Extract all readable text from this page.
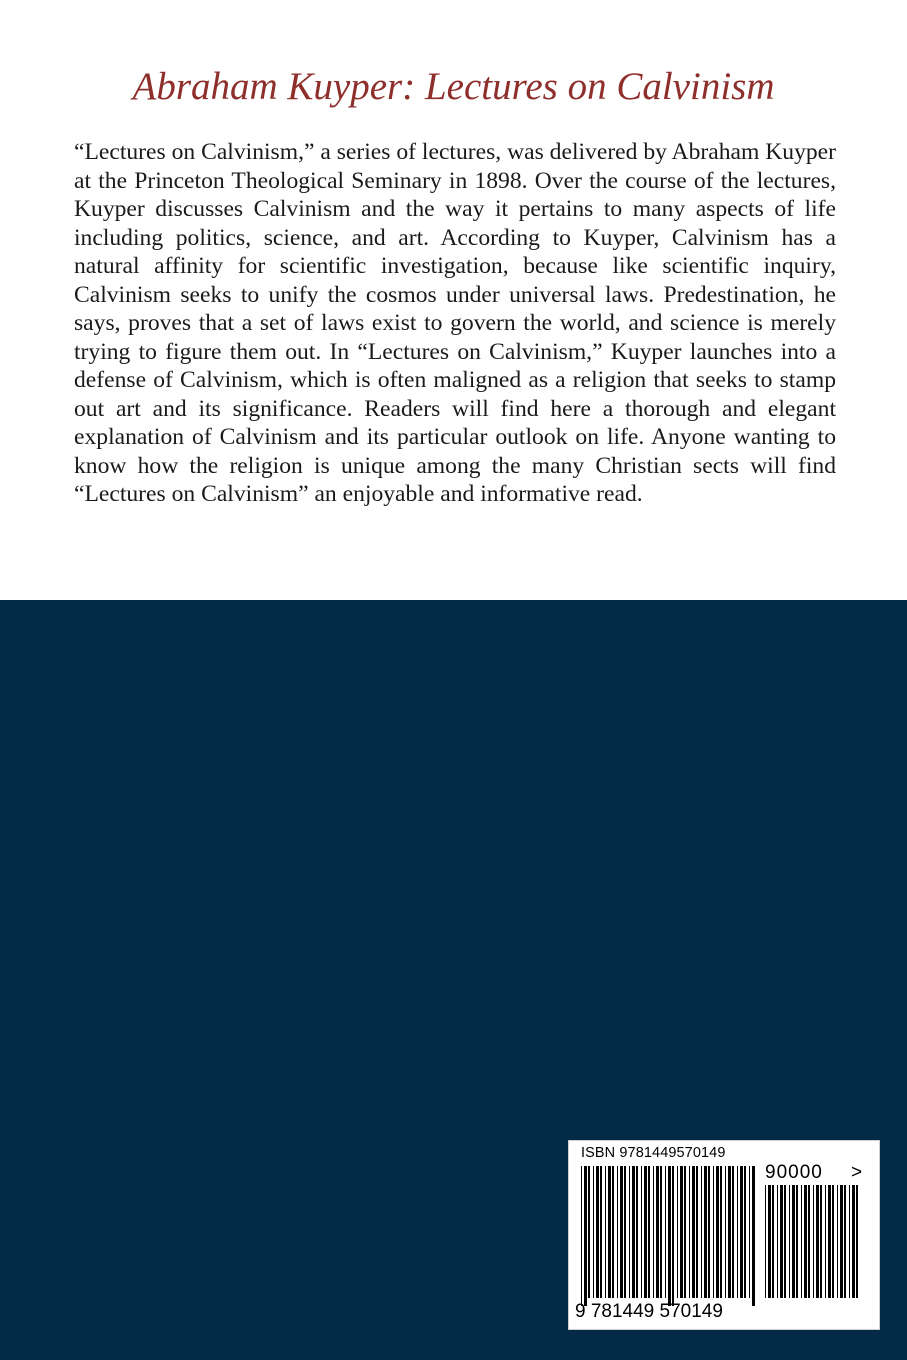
Abraham Kuyper: Lectures on Calvinism

“Lectures on Calvinism,” a series of lectures, was delivered by Abraham Kuyper at the Princeton Theological Seminary in 1898. Over the course of the lectures, Kuyper discusses Calvinism and the way it pertains to many aspects of life including politics, science, and art. According to Kuyper, Calvinism has a natural affinity for scientific investigation, because like scientific inquiry, Calvinism seeks to unify the cosmos under universal laws. Predestination, he says, proves that a set of laws exist to govern the world, and science is merely trying to figure them out. In “Lectures on Calvinism,” Kuyper launches into a defense of Calvinism, which is often maligned as a religion that seeks to stamp out art and its significance. Readers will find here a thorough and elegant explanation of Calvinism and its particular outlook on life. Anyone wanting to know how the religion is unique among the many Christian sects will find “Lectures on Calvinism” an enjoyable and informative read.

ISBN 9781449570149

90000 >

9 781449 570149
